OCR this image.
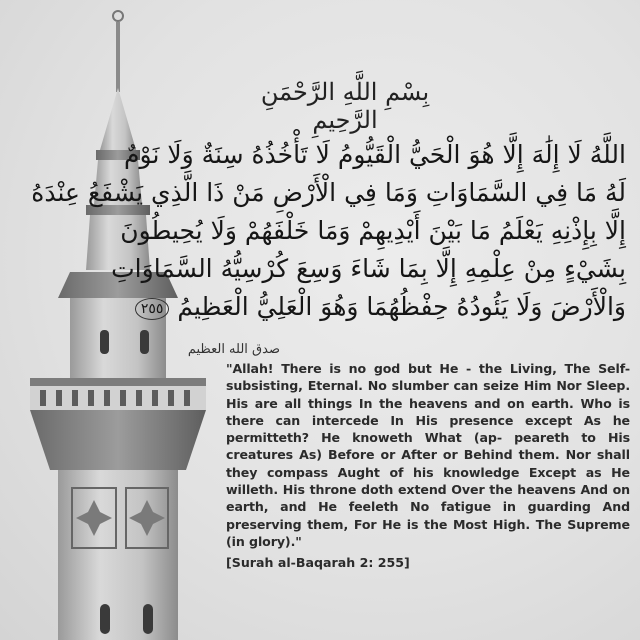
بِسْمِ اللَّهِ الرَّحْمَنِ الرَّحِيمِ
اللَّهُ لَا إِلَٰهَ إِلَّا هُوَ الْحَيُّ الْقَيُّومُ لَا تَأْخُذُهُ سِنَةٌ وَلَا نَوْمٌ
لَهُ مَا فِي السَّمَاوَاتِ وَمَا فِي الْأَرْضِ مَنْ ذَا الَّذِي يَشْفَعُ عِنْدَهُ
إِلَّا بِإِذْنِهِ يَعْلَمُ مَا بَيْنَ أَيْدِيهِمْ وَمَا خَلْفَهُمْ وَلَا يُحِيطُونَ
بِشَيْءٍ مِنْ عِلْمِهِ إِلَّا بِمَا شَاءَ وَسِعَ كُرْسِيُّهُ السَّمَاوَاتِ
وَالْأَرْضَ وَلَا يَئُودُهُ حِفْظُهُمَا وَهُوَ الْعَلِيُّ الْعَظِيمُ ٢٥٥
صدق الله العظيم
"Allah! There is no god but He - the Living, The Self-subsisting, Eternal. No slumber can seize Him Nor Sleep. His are all things In the heavens and on earth. Who is there can intercede In His presence except As he permitteth? He knoweth What (ap- peareth to His creatures As) Before or After or Behind them. Nor shall they compass Aught of his knowledge Except as He willeth. His throne doth extend Over the heavens And on earth, and He feeleth No fatigue in guarding And preserving them, For He is the Most High. The Supreme (in glory)."
[Surah al-Baqarah 2: 255]
